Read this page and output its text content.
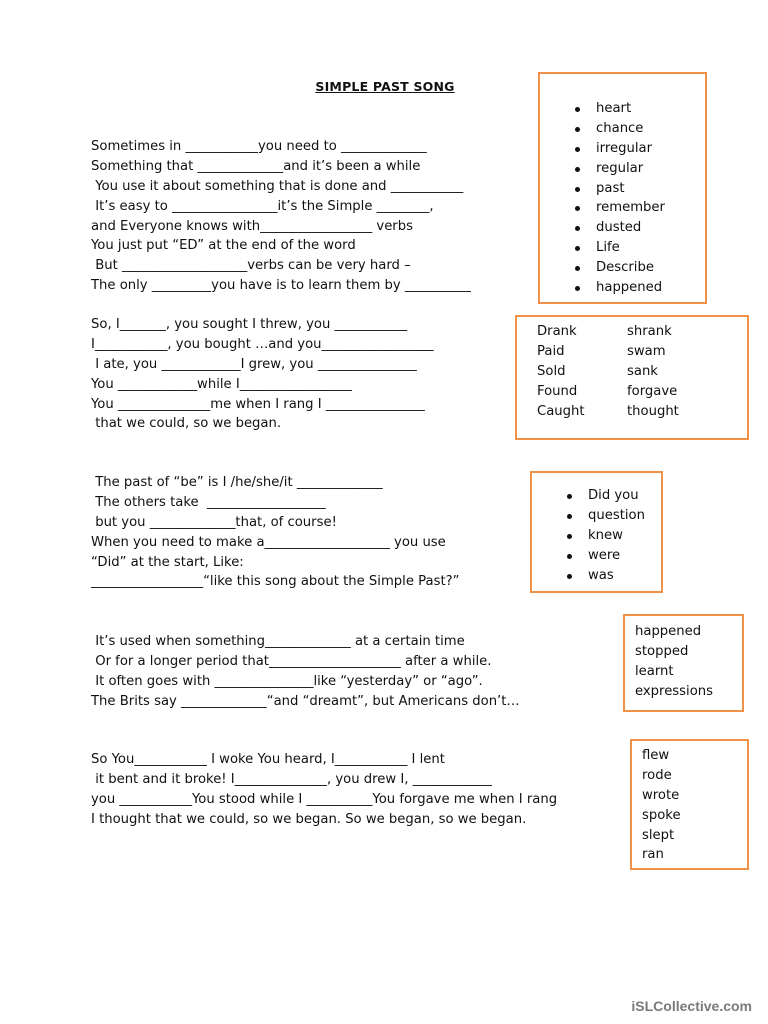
SIMPLE PAST SONG
Sometimes in ___________you need to _____________
Something that _____________and it’s been a while
You use it about something that is done and ___________
It’s easy to ________________it’s the Simple ________,
and Everyone knows with_________________ verbs
You just put “ED” at the end of the word
But ___________________verbs can be very hard –
The only _________you have is to learn them by __________
So, I_______, you sought I threw, you ___________
I___________, you bought …and you_________________
I ate, you ____________I grew, you _______________
You ____________while I_________________
You ______________me when I rang I _______________
that we could, so we began.
The past of “be” is I /he/she/it _____________
The others take  __________________
but you _____________that, of course!
When you need to make a___________________ you use
“Did” at the start, Like:
_________________“like this song about the Simple Past?”
It’s used when something_____________ at a certain time
Or for a longer period that____________________ after a while.
It often goes with _______________like “yesterday” or “ago”.
The Brits say _____________“and “dreamt”, but Americans don’t…
So You___________ I woke You heard, I___________ I lent
it bent and it broke! I______________, you drew I, ____________
you ___________You stood while I __________You forgave me when I rang
I thought that we could, so we began. So we began, so we began.
heart
chance
irregular
regular
past
remember
dusted
Life
Describe
happened
Drank
Paid
Sold
Found
Caught
shrank
swam
sank
forgave
thought
Did you
question
knew
were
was
happened
stopped
learnt
expressions
flew
rode
wrote
spoke
slept
ran
iSLCollective.com
